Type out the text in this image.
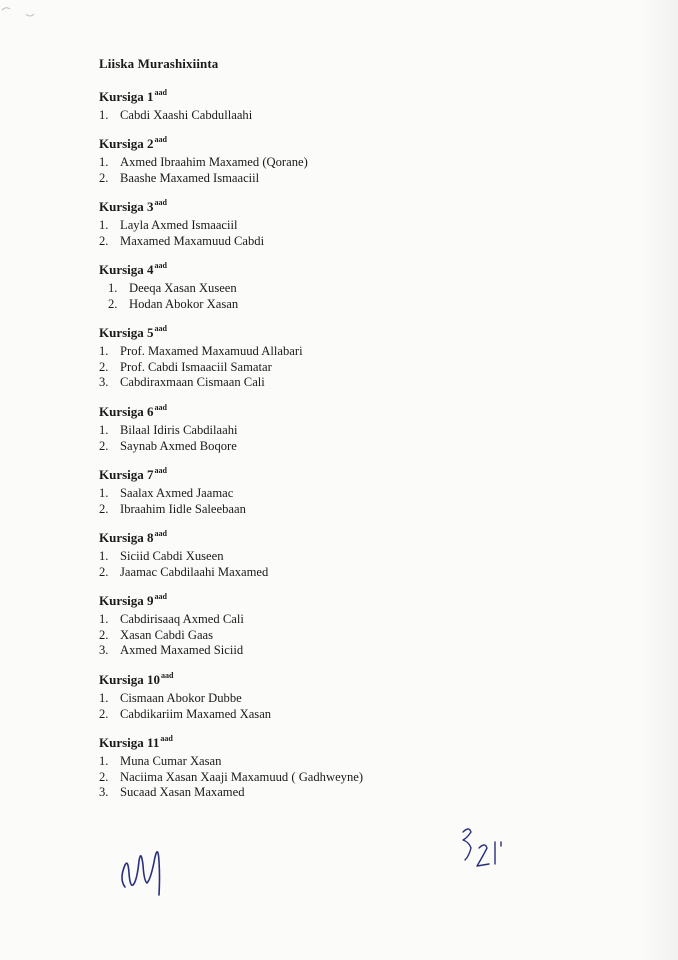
Liiska Murashixiinta
Kursiga $1^{aad}$
1. Cabdi Xaashi Cabdullaahi
Kursiga $2^{aad}$
1. Axmed Ibraahim Maxamed (Qorane)
2. Baashe Maxamed Ismaaciil
Kursiga $3^{aad}$
1. Layla Axmed Ismaaciil
2. Maxamed Maxamuud Cabdi
Kursiga $4^{aad}$
1. Deeqa Xasan Xuseen
2. Hodan Abokor Xasan
Kursiga $5^{aad}$
1. Prof. Maxamed Maxamuud Allabari
2. Prof. Cabdi Ismaaciil Samatar
3. Cabdiraxmaan Cismaan Cali
Kursiga $6^{aad}$
1. Bilaal Idiris Cabdilaahi
2. Saynab Axmed Boqore
Kursiga $7^{aad}$
1. Saalax Axmed Jaamac
2. Ibraahim Iidle Saleebaan
Kursiga $8^{aad}$
1. Siciid Cabdi Xuseen
2. Jaamac Cabdilaahi Maxamed
Kursiga $9^{aad}$
1. Cabdirisaaq Axmed Cali
2. Xasan Cabdi Gaas
3. Axmed Maxamed Siciid
Kursiga $10^{aad}$
1. Cismaan Abokor Dubbe
2. Cabdikariim Maxamed Xasan
Kursiga $11^{aad}$
1. Muna Cumar Xasan
2. Naciima Xasan Xaaji Maxamuud ( Gadhweyne)
3. Sucaad Xasan Maxamed
